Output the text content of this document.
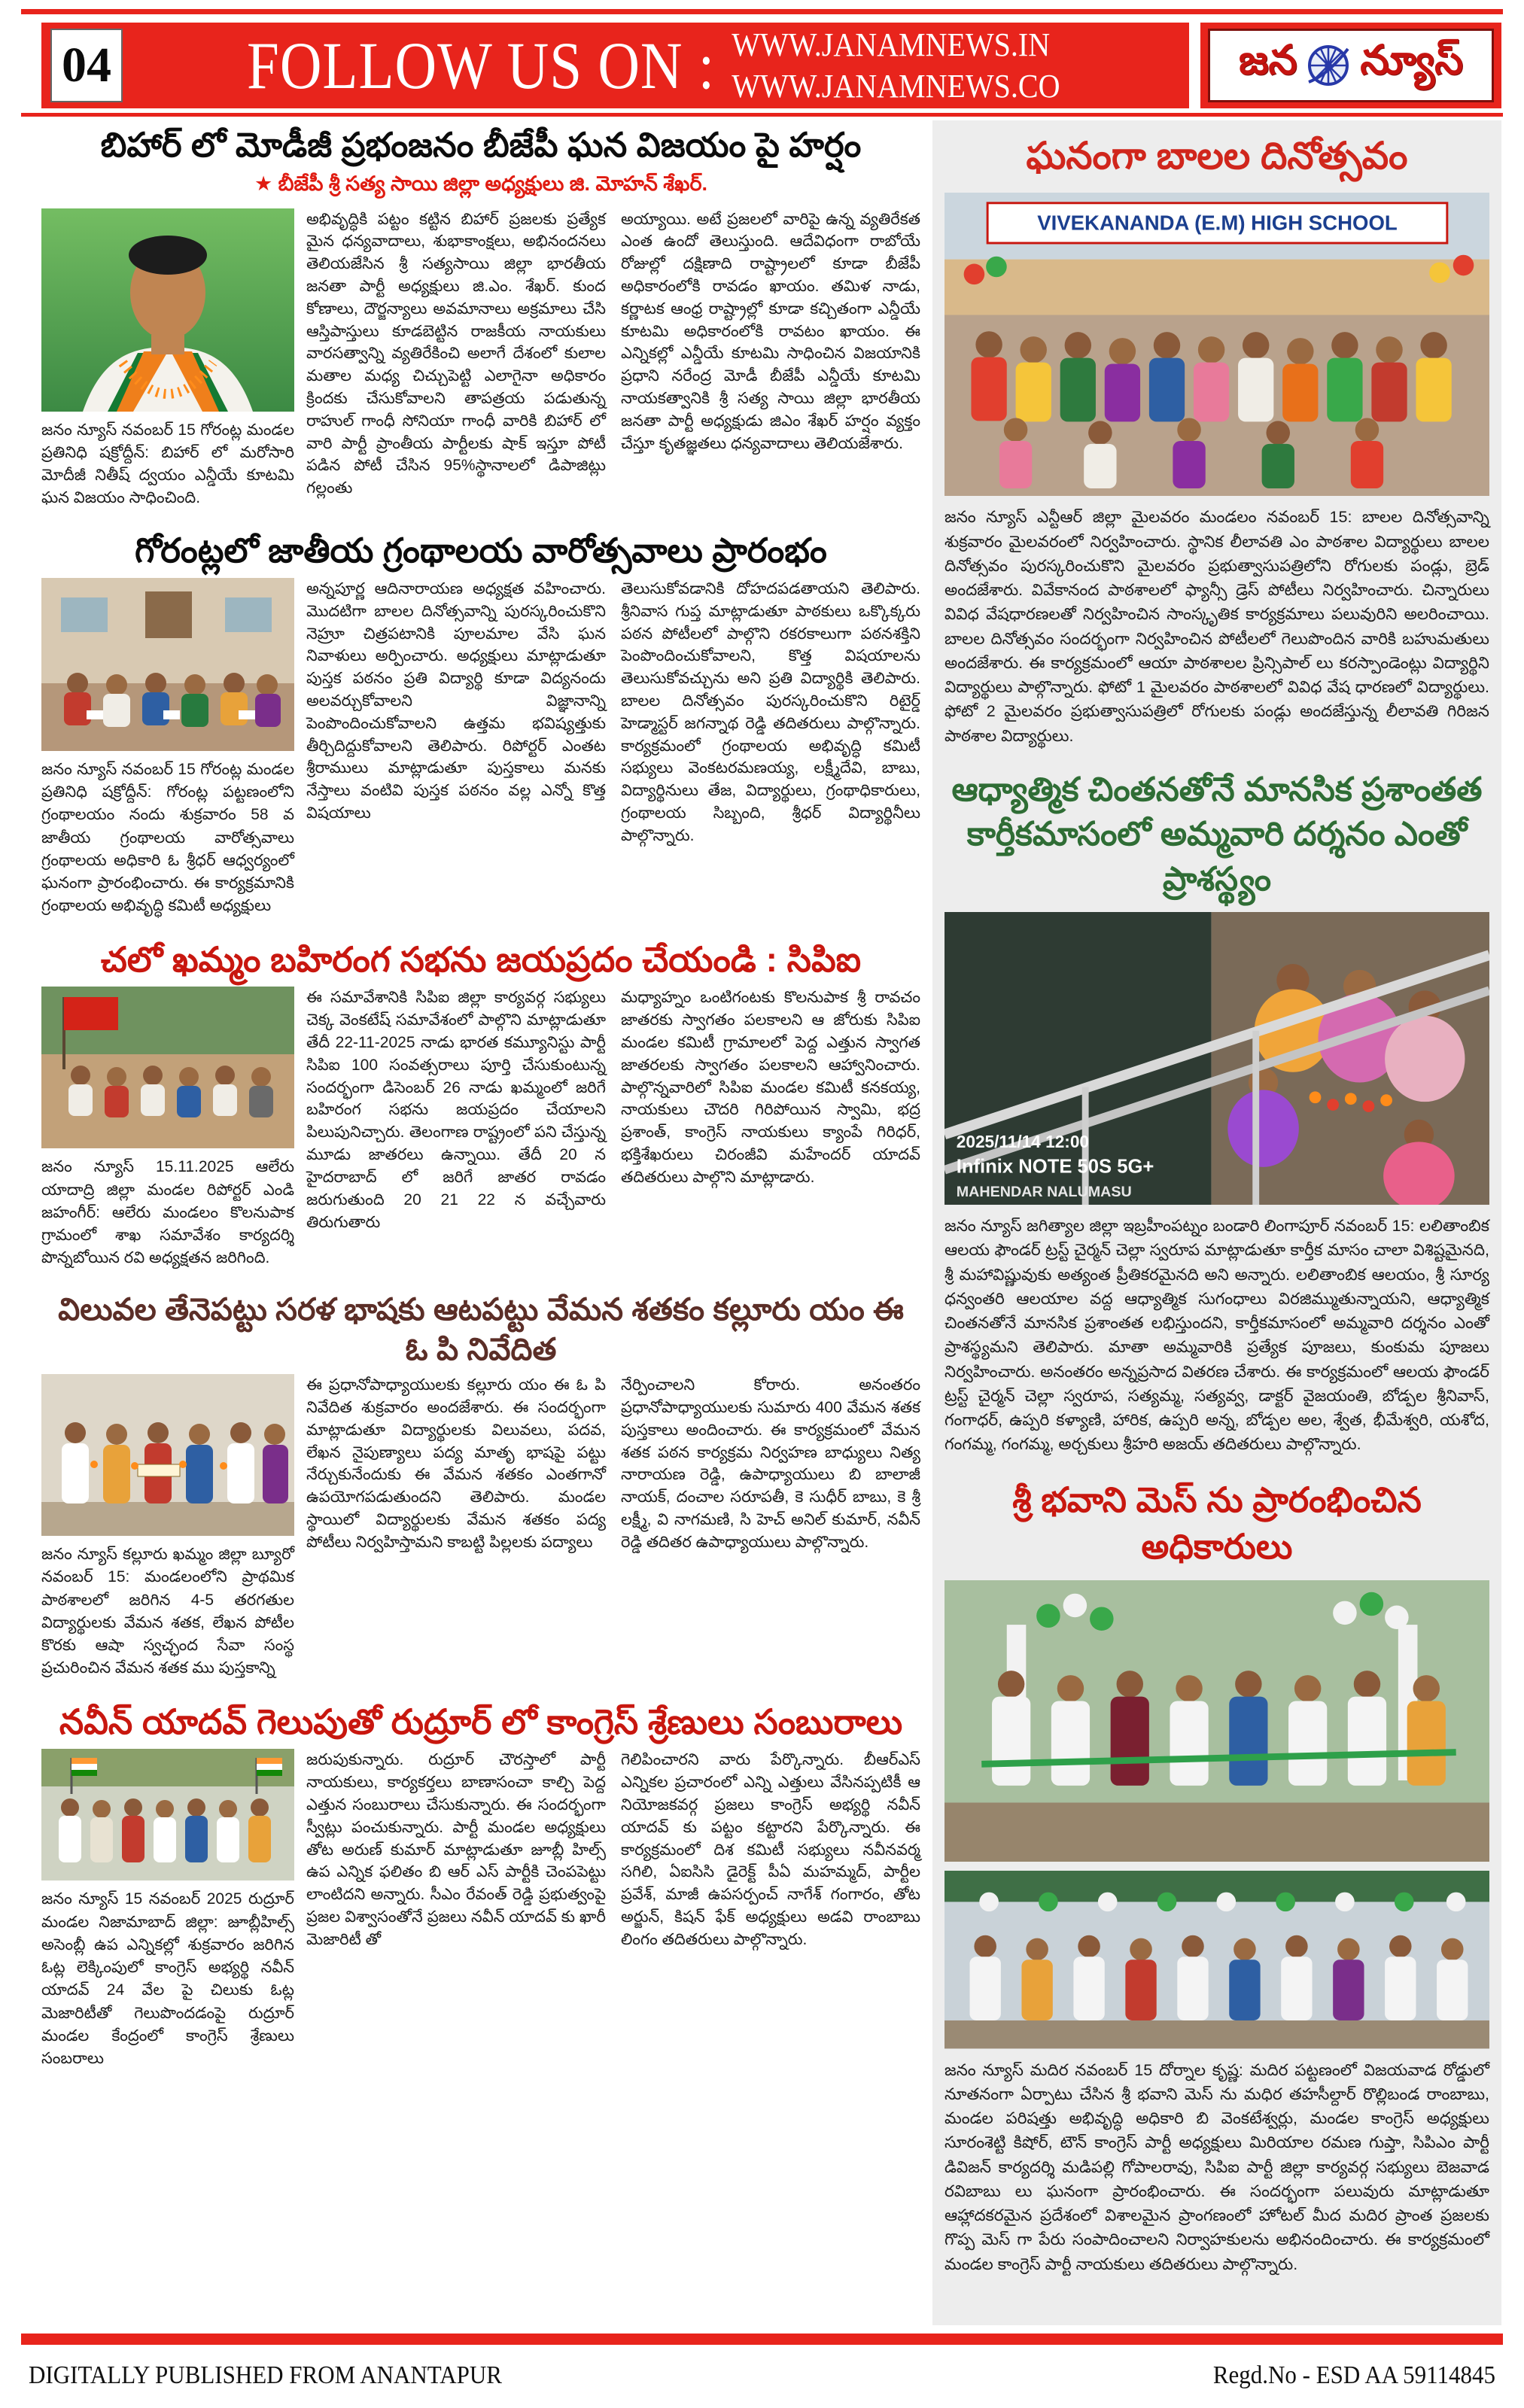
04 FOLLOW US ON : WWW.JANAMNEWS.IN
WWW.JANAMNEWS.CO
జన న్యూస్
బిహార్ లో మోడీజీ ప్రభంజనం బీజేపీ ఘన విజయం పై హర్షం

★ బీజేపీ శ్రీ సత్య సాయి జిల్లా అధ్యక్షులు జి. మోహన్ శేఖర్.

జనం న్యూస్ నవంబర్ 15 గోరంట్ల మండల ప్రతినిధి షక్రోద్దీన్: బిహార్ లో మరోసారి మోదీజీ నితీష్ ద్వయం ఎన్డీయే కూటమి ఘన విజయం సాధించింది.

అభివృద్ధికి పట్టం కట్టిన బిహార్ ప్రజలకు ప్రత్యేక మైన ధన్యవాదాలు, శుభాకాంక్షలు, అభినందనలు తెలియజేసిన శ్రీ సత్యసాయి జిల్లా భారతీయ జనతా పార్టీ అధ్యక్షులు జి.ఎం. శేఖర్. కుంద కోణాలు, దౌర్జన్యాలు అవమానాలు అక్రమాలు చేసి ఆస్తిపాస్తులు కూడబెట్టిన రాజకీయ నాయకులు వారసత్వాన్ని వ్యతిరేకించి అలాగే దేశంలో కులాల మతాల మధ్య చిచ్చుపెట్టి ఎలాగైనా అధికారం క్రిందకు చేసుకోవాలని తాపత్రయ పడుతున్న రాహుల్ గాంధీ సోనియా గాంధీ వారికి బిహార్ లో వారి పార్టీ ప్రాంతీయ పార్టీలకు షాక్ ఇస్తూ పోటీ పడిన పోటీ చేసిన 95%స్థానాలలో డిపాజిట్లు గల్లంతు

అయ్యాయి. అటే ప్రజలలో వారిపై ఉన్న వ్యతిరేకత ఎంత ఉందో తెలుస్తుంది. ఆదేవిధంగా రాబోయే రోజుల్లో దక్షిణాది రాష్ట్రాలలో కూడా బీజేపీ అధికారంలోకి రావడం ఖాయం. తమిళ నాడు, కర్ణాటక ఆంధ్ర రాష్ట్రాల్లో కూడా కచ్చితంగా ఎన్డీయే కూటమి అధికారంలోకి రావటం ఖాయం. ఈ ఎన్నికల్లో ఎన్డీయే కూటమి సాధించిన విజయానికి ప్రధాని నరేంద్ర మోడీ బీజేపీ ఎన్డీయే కూటమి నాయకత్వానికి శ్రీ సత్య సాయి జిల్లా భారతీయ జనతా పార్టీ అధ్యక్షుడు జిఎం శేఖర్ హర్షం వ్యక్తం చేస్తూ కృతజ్ఞతలు ధన్యవాదాలు తెలియజేశారు.

గోరంట్లలో జాతీయ గ్రంథాలయ వారోత్సవాలు ప్రారంభం
జనం న్యూస్ నవంబర్ 15 గోరంట్ల మండల ప్రతినిధి షక్రోద్దీన్: గోరంట్ల పట్టణంలోని గ్రంథాలయం నందు శుక్రవారం 58 వ జాతీయ గ్రంథాలయ వారోత్సవాలు గ్రంథాలయ అధికారి ఓ శ్రీధర్ ఆధ్వర్యంలో ఘనంగా ప్రారంభించారు. ఈ కార్యక్రమానికి గ్రంథాలయ అభివృద్ధి కమిటీ అధ్యక్షులు

అన్నపూర్ణ ఆదినారాయణ అధ్యక్షత వహించారు. మొదటిగా బాలల దినోత్సవాన్ని పురస్కరించుకొని నెహ్రూ చిత్రపటానికి పూలమాల వేసి ఘన నివాళులు అర్పించారు. అధ్యక్షులు మాట్లాడుతూ పుస్తక పఠనం ప్రతి విద్యార్థి కూడా విద్యనందు అలవర్చుకోవాలని విజ్ఞానాన్ని పెంపొందించుకోవాలని ఉత్తమ భవిష్యత్తుకు తీర్చిదిద్దుకోవాలని తెలిపారు. రిపోర్టర్ ఎంతట శ్రీరాములు మాట్లాడుతూ పుస్తకాలు మనకు నేస్తాలు వంటివి పుస్తక పఠనం వల్ల ఎన్నో కొత్త విషయాలు

తెలుసుకోవడానికి దోహదపడతాయని తెలిపారు. శ్రీనివాస గుప్త మాట్లాడుతూ పాఠకులు ఒక్కొక్కరు పఠన పోటీలలో పాల్గొని రకరకాలుగా పఠనశక్తిని పెంపొందించుకోవాలని, కొత్త విషయాలను తెలుసుకోవచ్చును అని ప్రతి విద్యార్థికి తెలిపారు. బాలల దినోత్సవం పురస్కరించుకొని రిటైర్డ్ హెడ్మాస్టర్ జగన్నాథ రెడ్డి తదితరులు పాల్గొన్నారు. కార్యక్రమంలో గ్రంథాలయ అభివృద్ధి కమిటీ సభ్యులు వెంకటరమణయ్య, లక్ష్మీదేవి, బాబు, విద్యార్థినులు తేజ, విద్యార్థులు, గ్రంథాధికారులు, గ్రంథాలయ సిబ్బంది, శ్రీధర్ విద్యార్థినీలు పాల్గొన్నారు.

చలో ఖమ్మం బహిరంగ సభను జయప్రదం చేయండి : సిపిఐ
జనం న్యూస్ 15.11.2025 ఆలేరు యాదాద్రి జిల్లా మండల రిపోర్టర్ ఎండి జహంగీర్: ఆలేరు మండలం కొలనుపాక గ్రామంలో శాఖ సమావేశం కార్యదర్శి పొన్నబోయిన రవి అధ్యక్షతన జరిగింది.

ఈ సమావేశానికి సిపిఐ జిల్లా కార్యవర్గ సభ్యులు చెక్క వెంకటేష్ సమావేశంలో పాల్గొని మాట్లాడుతూ తేదీ 22-11-2025 నాడు భారత కమ్యూనిస్టు పార్టీ సిపిఐ 100 సంవత్సరాలు పూర్తి చేసుకుంటున్న సందర్భంగా డిసెంబర్ 26 నాడు ఖమ్మంలో జరిగే బహిరంగ సభను జయప్రదం చేయాలని పిలుపునిచ్చారు. తెలంగాణ రాష్ట్రంలో పని చేస్తున్న మూడు జాతరలు ఉన్నాయి. తేదీ 20 న హైదరాబాద్ లో జరిగే జాతర రావడం జరుగుతుంది 20 21 22 న వచ్చేవారు తిరుగుతారు

మధ్యాహ్నం ఒంటిగంటకు కొలనుపాక శ్రీ రావచం జాతరకు స్వాగతం పలకాలని ఆ జోరుకు సిపిఐ మండల కమిటీ గ్రామాలలో పెద్ద ఎత్తున స్వాగత జాతరలకు స్వాగతం పలకాలని ఆహ్వానించారు. పాల్గొన్నవారిలో సిపిఐ మండల కమిటీ కనకయ్య, నాయకులు చౌదరి గిరిపోయిన స్వామి, భద్ర ప్రశాంత్, కాంగ్రెస్ నాయకులు క్యాంపే గిరిధర్, భక్తిశేఖరులు చిరంజీవి మహేందర్ యాదవ్ తదితరులు పాల్గొని మాట్లాడారు.

విలువల తేనెపట్టు సరళ భాషకు ఆటపట్టు వేమన శతకం కల్లూరు యం ఈ ఓ పి నివేదిత
జనం న్యూస్ కల్లూరు ఖమ్మం జిల్లా బ్యూరో నవంబర్ 15: మండలంలోని ప్రాథమిక పాఠశాలలో జరిగిన 4-5 తరగతుల విద్యార్థులకు వేమన శతక, లేఖన పోటీల కొరకు ఆషా స్వచ్ఛంద సేవా సంస్థ ప్రచురించిన వేమన శతక ము పుస్తకాన్ని

ఈ ప్రధానోపాధ్యాయులకు కల్లూరు యం ఈ ఓ పి నివేదిత శుక్రవారం అందజేశారు. ఈ సందర్భంగా మాట్లాడుతూ విద్యార్థులకు విలువలు, పదవ, లేఖన నైపుణ్యాలు పద్య మాతృ భాషపై పట్టు నేర్చుకునేందుకు ఈ వేమన శతకం ఎంతగానో ఉపయోగపడుతుందని తెలిపారు. మండల స్థాయిలో విద్యార్థులకు వేమన శతకం పద్య పోటీలు నిర్వహిస్తామని కాబట్టి పిల్లలకు పద్యాలు

నేర్పించాలని కోరారు. అనంతరం ప్రధానోపాధ్యాయులకు సుమారు 400 వేమన శతక పుస్తకాలు అందించారు. ఈ కార్యక్రమంలో వేమన శతక పఠన కార్యక్రమ నిర్వహణ బాధ్యులు నిత్య నారాయణ రెడ్డి, ఉపాధ్యాయులు బి బాలాజీ నాయక్, దంచాల సరూపతీ, కె సుధీర్ బాబు, కె శ్రీ లక్ష్మీ, వి నాగమణి, సి హెచ్ అనిల్ కుమార్, నవీన్ రెడ్డి తదితర ఉపాధ్యాయులు పాల్గొన్నారు.

నవీన్ యాదవ్ గెలుపుతో రుద్రూర్ లో కాంగ్రెస్ శ్రేణులు సంబురాలు
జనం న్యూస్ 15 నవంబర్ 2025 రుద్రూర్ మండల నిజామాబాద్ జిల్లా: జూబ్లీహిల్స్ అసెంబ్లీ ఉప ఎన్నికల్లో శుక్రవారం జరిగిన ఓట్ల లెక్కింపులో కాంగ్రెస్ అభ్యర్థి నవీన్ యాదవ్ 24 వేల పై చిలుకు ఓట్ల మెజారిటీతో గెలుపొందడంపై రుద్రూర్ మండల కేంద్రంలో కాంగ్రెస్ శ్రేణులు సంబరాలు

జరుపుకున్నారు. రుద్రూర్ చౌరస్తాలో పార్టీ నాయకులు, కార్యకర్తలు బాణాసంచా కాల్చి పెద్ద ఎత్తున సంబురాలు చేసుకున్నారు. ఈ సందర్భంగా స్వీట్లు పంచుకున్నారు. పార్టీ మండల అధ్యక్షులు తోట అరుణ్ కుమార్ మాట్లాడుతూ జూబ్లీ హిల్స్ ఉప ఎన్నిక ఫలితం బి ఆర్ ఎస్ పార్టీకి చెంపపెట్టు లాంటిదని అన్నారు. సీఎం రేవంత్ రెడ్డి ప్రభుత్వంపై ప్రజల విశ్వాసంతోనే ప్రజలు నవీన్ యాదవ్ కు ఖారీ మెజారిటీ తో

గెలిపించారని వారు పేర్కొన్నారు. బీఆర్ఎస్ ఎన్నికల ప్రచారంలో ఎన్ని ఎత్తులు వేసినప్పటికీ ఆ నియోజకవర్గ ప్రజలు కాంగ్రెస్ అభ్యర్థి నవీన్ యాదవ్ కు పట్టం కట్టారని పేర్కొన్నారు. ఈ కార్యక్రమంలో దిశ కమిటీ సభ్యులు నవీనవర్మ సగిలి, ఏఐసిసి డైరెక్ట్ పీఏ మహమ్మద్, పార్టీల ప్రవేశ్, మాజీ ఉపసర్పంచ్ నాగేశ్ గంగారం, తోట అర్జున్, కిషన్ ఫేక్ అధ్యక్షులు అడవి రాంబాబు లింగం తదితరులు పాల్గొన్నారు.

ఘనంగా బాలల దినోత్సవం
VIVEKANANDA (E.M) HIGH SCHOOL

జనం న్యూస్ ఎన్టీఆర్ జిల్లా మైలవరం మండలం నవంబర్ 15: బాలల దినోత్సవాన్ని శుక్రవారం మైలవరంలో నిర్వహించారు. స్థానిక లీలావతి ఎం పాఠశాల విద్యార్థులు బాలల దినోత్సవం పురస్కరించుకొని మైలవరం ప్రభుత్వాసుపత్రిలోని రోగులకు పండ్లు, బ్రెడ్ అందజేశారు. వివేకానంద పాఠశాలలో ఫ్యాన్సీ డ్రెస్ పోటీలు నిర్వహించారు. చిన్నారులు వివిధ వేషధారణలతో నిర్వహించిన సాంస్కృతిక కార్యక్రమాలు పలువురిని అలరించాయి. బాలల దినోత్సవం సందర్భంగా నిర్వహించిన పోటీలలో గెలుపొందిన వారికి బహుమతులు అందజేశారు. ఈ కార్యక్రమంలో ఆయా పాఠశాలల ప్రిన్సిపాల్ లు కరస్పాండెంట్లు విద్యార్థిని విద్యార్థులు పాల్గొన్నారు. ఫోటో 1 మైలవరం పాఠశాలలో వివిధ వేష ధారణలో విద్యార్థులు. ఫోటో 2 మైలవరం ప్రభుత్వాసుపత్రిలో రోగులకు పండ్లు అందజేస్తున్న లీలావతి గిరిజన పాఠశాల విద్యార్థులు.

ఆధ్యాత్మిక చింతనతోనే మానసిక ప్రశాంతత కార్తీకమాసంలో అమ్మవారి దర్శనం ఎంతో ప్రాశస్థ్యం
2025/11/14 12:00
Infinix NOTE 50S 5G+
MAHENDAR NALUMASU

జనం న్యూస్ జగిత్యాల జిల్లా ఇబ్రహీంపట్నం బండారి లింగాపూర్ నవంబర్ 15: లలితాంబిక ఆలయ ఫౌండర్ ట్రస్ట్ చైర్మన్ చెల్లా స్వరూప మాట్లాడుతూ కార్తీక మాసం చాలా విశిష్టమైనది, శ్రీ మహావిష్ణువుకు అత్యంత ప్రీతికరమైనది అని అన్నారు. లలితాంబిక ఆలయం, శ్రీ సూర్య ధన్వంతరి ఆలయాల వద్ద ఆధ్యాత్మిక సుగంధాలు విరజిమ్ముతున్నాయని, ఆధ్యాత్మిక చింతనతోనే మానసిక ప్రశాంతత లభిస్తుందని, కార్తీకమాసంలో అమ్మవారి దర్శనం ఎంతో ప్రాశస్థ్యమని తెలిపారు. మాతా అమ్మవారికి ప్రత్యేక పూజలు, కుంకుమ పూజలు నిర్వహించారు. అనంతరం అన్నప్రసాద వితరణ చేశారు. ఈ కార్యక్రమంలో ఆలయ ఫౌండర్ ట్రస్ట్ చైర్మన్ చెల్లా స్వరూప, సత్యమ్మ, సత్యవ్వ, డాక్టర్ వైజయంతి, బోడ్పల శ్రీనివాస్, గంగాధర్, ఉప్పరి కళ్యాణి, హారిక, ఉప్పరి అన్న, బోడ్పల అల, శ్వేత, భీమేశ్వరి, యశోద, గంగమ్మ, గంగమ్మ, అర్చకులు శ్రీహరి అజయ్ తదితరులు పాల్గొన్నారు.

శ్రీ భవాని మెస్ ను ప్రారంభించిన అధికారులు

జనం న్యూస్ మదిర నవంబర్ 15 దోర్నాల కృష్ణ: మదిర పట్టణంలో విజయవాడ రోడ్డులో నూతనంగా ఏర్పాటు చేసిన శ్రీ భవాని మెస్ ను మధిర తహసీల్దార్ రొల్లిబండ రాంబాబు, మండల పరిషత్తు అభివృద్ధి అధికారి బి వెంకటేశ్వర్లు, మండల కాంగ్రెస్ అధ్యక్షులు సూరంశెట్టి కిషోర్, టౌన్ కాంగ్రెస్ పార్టీ అధ్యక్షులు మిరియాల రమణ గుప్తా, సిపిఎం పార్టీ డివిజన్ కార్యదర్శి మడిపల్లి గోపాలరావు, సిపిఐ పార్టీ జిల్లా కార్యవర్గ సభ్యులు బెజవాడ రవిబాబు లు ఘనంగా ప్రారంభించారు. ఈ సందర్భంగా పలువురు మాట్లాడుతూ ఆహ్లాదకరమైన ప్రదేశంలో విశాలమైన ప్రాంగణంలో హోటల్ మీద మదిర ప్రాంత ప్రజలకు గొప్ప మెస్ గా పేరు సంపాదించాలని నిర్వాహకులను అభినందించారు. ఈ కార్యక్రమంలో మండల కాంగ్రెస్ పార్టీ నాయకులు తదితరులు పాల్గొన్నారు.

DIGITALLY PUBLISHED FROM ANANTAPUR	Regd.No - ESD AA 59114845
